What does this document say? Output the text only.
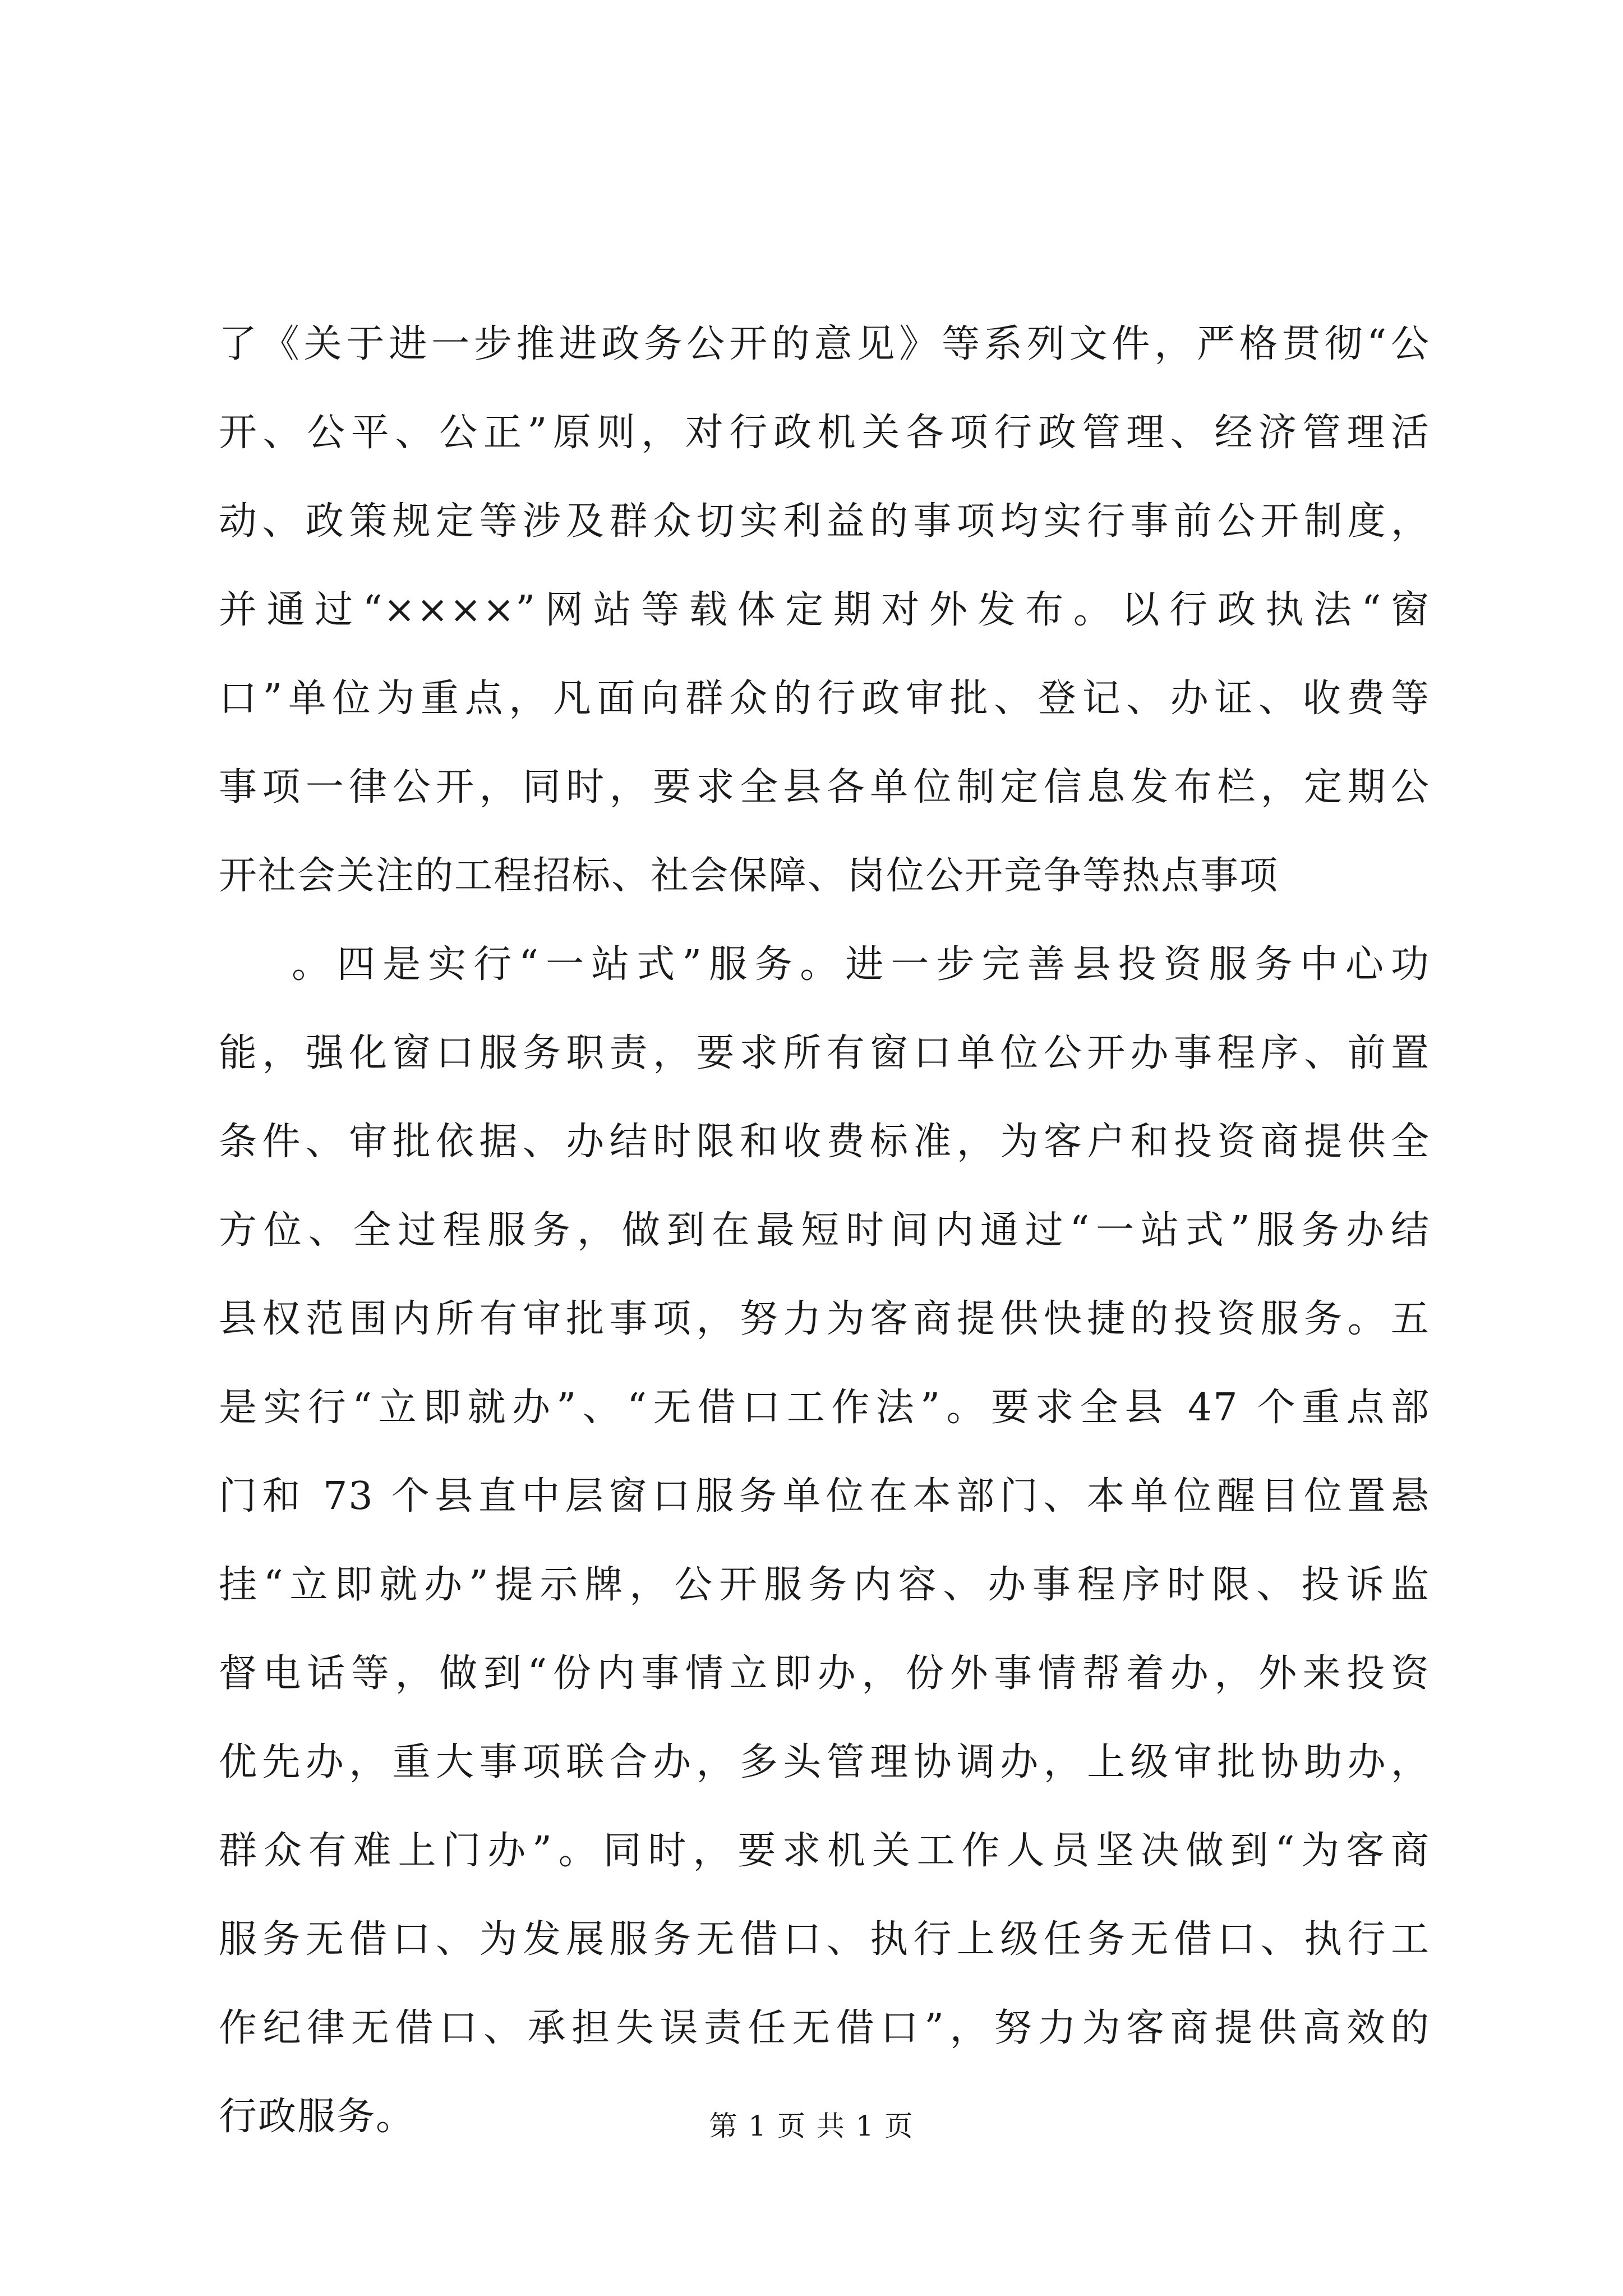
了《关于进一步推进政务公开的意见》等系列文件，严格贯彻“公
开、公平、公正”原则，对行政机关各项行政管理、经济管理活
动、政策规定等涉及群众切实利益的事项均实行事前公开制度，
并通过“××××”网站等载体定期对外发布。以行政执法“窗
口”单位为重点，凡面向群众的行政审批、登记、办证、收费等
事项一律公开，同时，要求全县各单位制定信息发布栏，定期公
开社会关注的工程招标、社会保障、岗位公开竞争等热点事项
。四是实行“一站式”服务。进一步完善县投资服务中心功
能，强化窗口服务职责，要求所有窗口单位公开办事程序、前置
条件、审批依据、办结时限和收费标准，为客户和投资商提供全
方位、全过程服务，做到在最短时间内通过“一站式”服务办结
县权范围内所有审批事项，努力为客商提供快捷的投资服务。五
是实行“立即就办”、“无借口工作法”。要求全县 47 个重点部
门和 73 个县直中层窗口服务单位在本部门、本单位醒目位置悬
挂“立即就办”提示牌，公开服务内容、办事程序时限、投诉监
督电话等，做到“份内事情立即办，份外事情帮着办，外来投资
优先办，重大事项联合办，多头管理协调办，上级审批协助办，
群众有难上门办”。同时，要求机关工作人员坚决做到“为客商
服务无借口、为发展服务无借口、执行上级任务无借口、执行工
作纪律无借口、承担失误责任无借口”，努力为客商提供高效的
行政服务。	第 1 页 共 1 页
